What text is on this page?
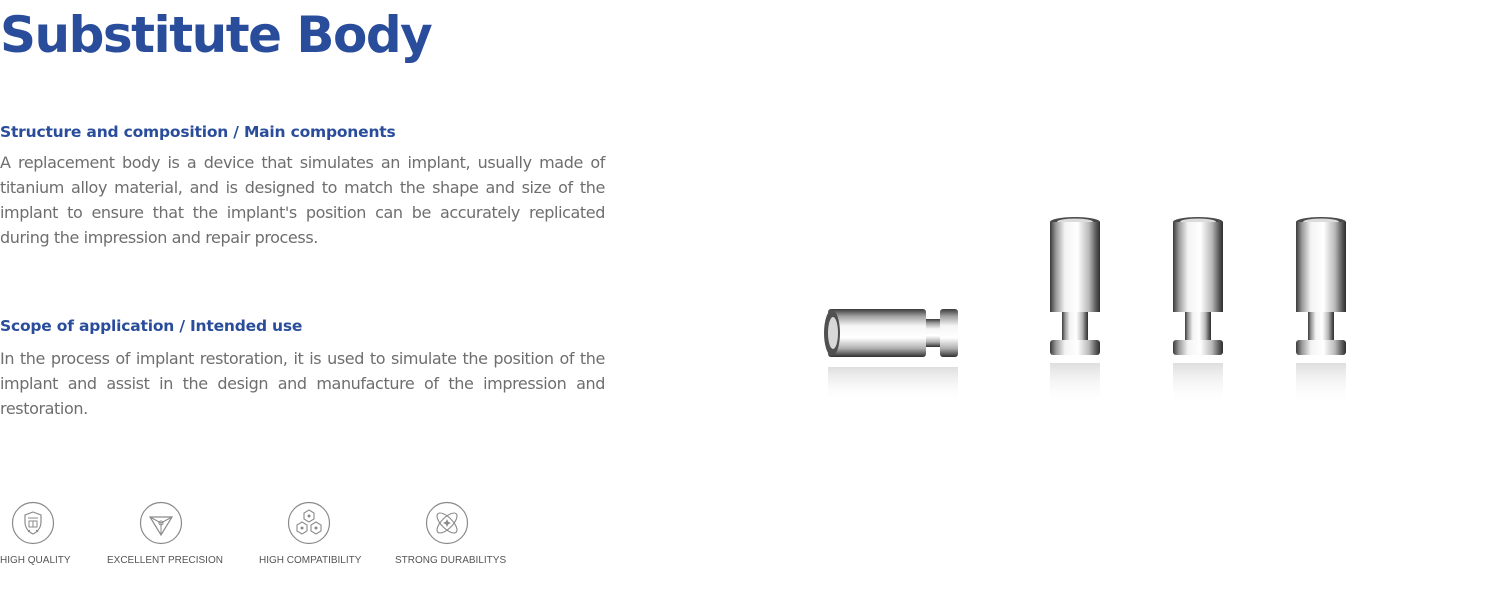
Substitute Body
Structure and composition / Main components

A replacement body is a device that simulates an implant, usually made of titanium alloy material, and is designed to match the shape and size of the implant to ensure that the implant's position can be accurately replicated during the impression and repair process.

Scope of application / Intended use

In the process of implant restoration, it is used to simulate the position of the implant and assist in the design and manufacture of the impression and restoration.

HIGH QUALITY	EXCELLENT PRECISION	HIGH COMPATIBILITY	STRONG DURABILITYS
